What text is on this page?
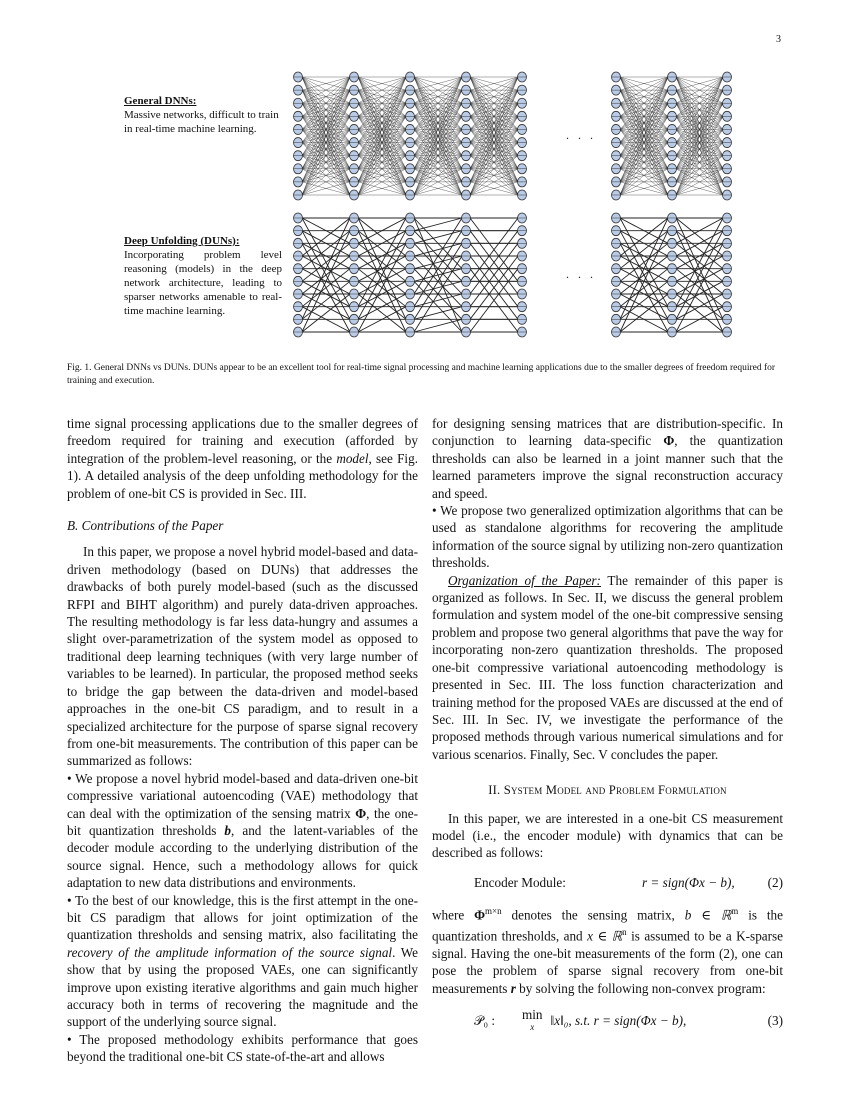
3
General DNNs:
Massive networks, difficult to train in real-time machine learning.
Deep Unfolding (DUNs):
Incorporating problem level reasoning (models) in the deep network architecture, leading to sparser networks amenable to real-time machine learning.
. . .
. . .
Fig. 1. General DNNs vs DUNs. DUNs appear to be an excellent tool for real-time signal processing and machine learning applications due to the smaller degrees of freedom required for training and execution.

time signal processing applications due to the smaller degrees of freedom required for training and execution (afforded by integration of the problem-level reasoning, or the model, see Fig. 1). A detailed analysis of the deep unfolding methodology for the problem of one-bit CS is provided in Sec. III.

B. Contributions of the Paper

In this paper, we propose a novel hybrid model-based and data-driven methodology (based on DUNs) that addresses the drawbacks of both purely model-based (such as the discussed RFPI and BIHT algorithm) and purely data-driven approaches. The resulting methodology is far less data-hungry and assumes a slight over-parametrization of the system model as opposed to traditional deep learning techniques (with very large number of variables to be learned). In particular, the proposed method seeks to bridge the gap between the data-driven and model-based approaches in the one-bit CS paradigm, and to result in a specialized architecture for the purpose of sparse signal recovery from one-bit measurements. The contribution of this paper can be summarized as follows:

• We propose a novel hybrid model-based and data-driven one-bit compressive variational autoencoding (VAE) methodology that can deal with the optimization of the sensing matrix Φ, the one-bit quantization thresholds b, and the latent-variables of the decoder module according to the underlying distribution of the source signal. Hence, such a methodology allows for quick adaptation to new data distributions and environments.

• To the best of our knowledge, this is the first attempt in the one-bit CS paradigm that allows for joint optimization of the quantization thresholds and sensing matrix, also facilitating the recovery of the amplitude information of the source signal. We show that by using the proposed VAEs, one can significantly improve upon existing iterative algorithms and gain much higher accuracy both in terms of recovering the magnitude and the support of the underlying source signal.

• The proposed methodology exhibits performance that goes beyond the traditional one-bit CS state-of-the-art and allows

for designing sensing matrices that are distribution-specific. In conjunction to learning data-specific Φ, the quantization thresholds can also be learned in a joint manner such that the learned parameters improve the signal reconstruction accuracy and speed.

• We propose two generalized optimization algorithms that can be used as standalone algorithms for recovering the amplitude information of the source signal by utilizing non-zero quantization thresholds.

Organization of the Paper: The remainder of this paper is organized as follows. In Sec. II, we discuss the general problem formulation and system model of the one-bit compressive sensing problem and propose two general algorithms that pave the way for incorporating non-zero quantization thresholds. The proposed one-bit compressive variational autoencoding methodology is presented in Sec. III. The loss function characterization and training method for the proposed VAEs are discussed at the end of Sec. III. In Sec. IV, we investigate the performance of the proposed methods through various numerical simulations and for various scenarios. Finally, Sec. V concludes the paper.

II. System Model and Problem Formulation

In this paper, we are interested in a one-bit CS measurement model (i.e., the encoder module) with dynamics that can be described as follows:

Encoder Module:	r = sign(Φx − b),	(2)

where $\Phi^{m\times n}$ denotes the sensing matrix, b ∈ ℝ$^m$ is the quantization thresholds, and x ∈ ℝ$^n$ is assumed to be a K-sparse signal. Having the one-bit measurements of the form (2), one can pose the problem of sparse signal recovery from one-bit measurements r by solving the following non-convex program:

𝒫₀ :	min
x ‖x‖₀, s.t. r = sign(Φx − b),	(3)
